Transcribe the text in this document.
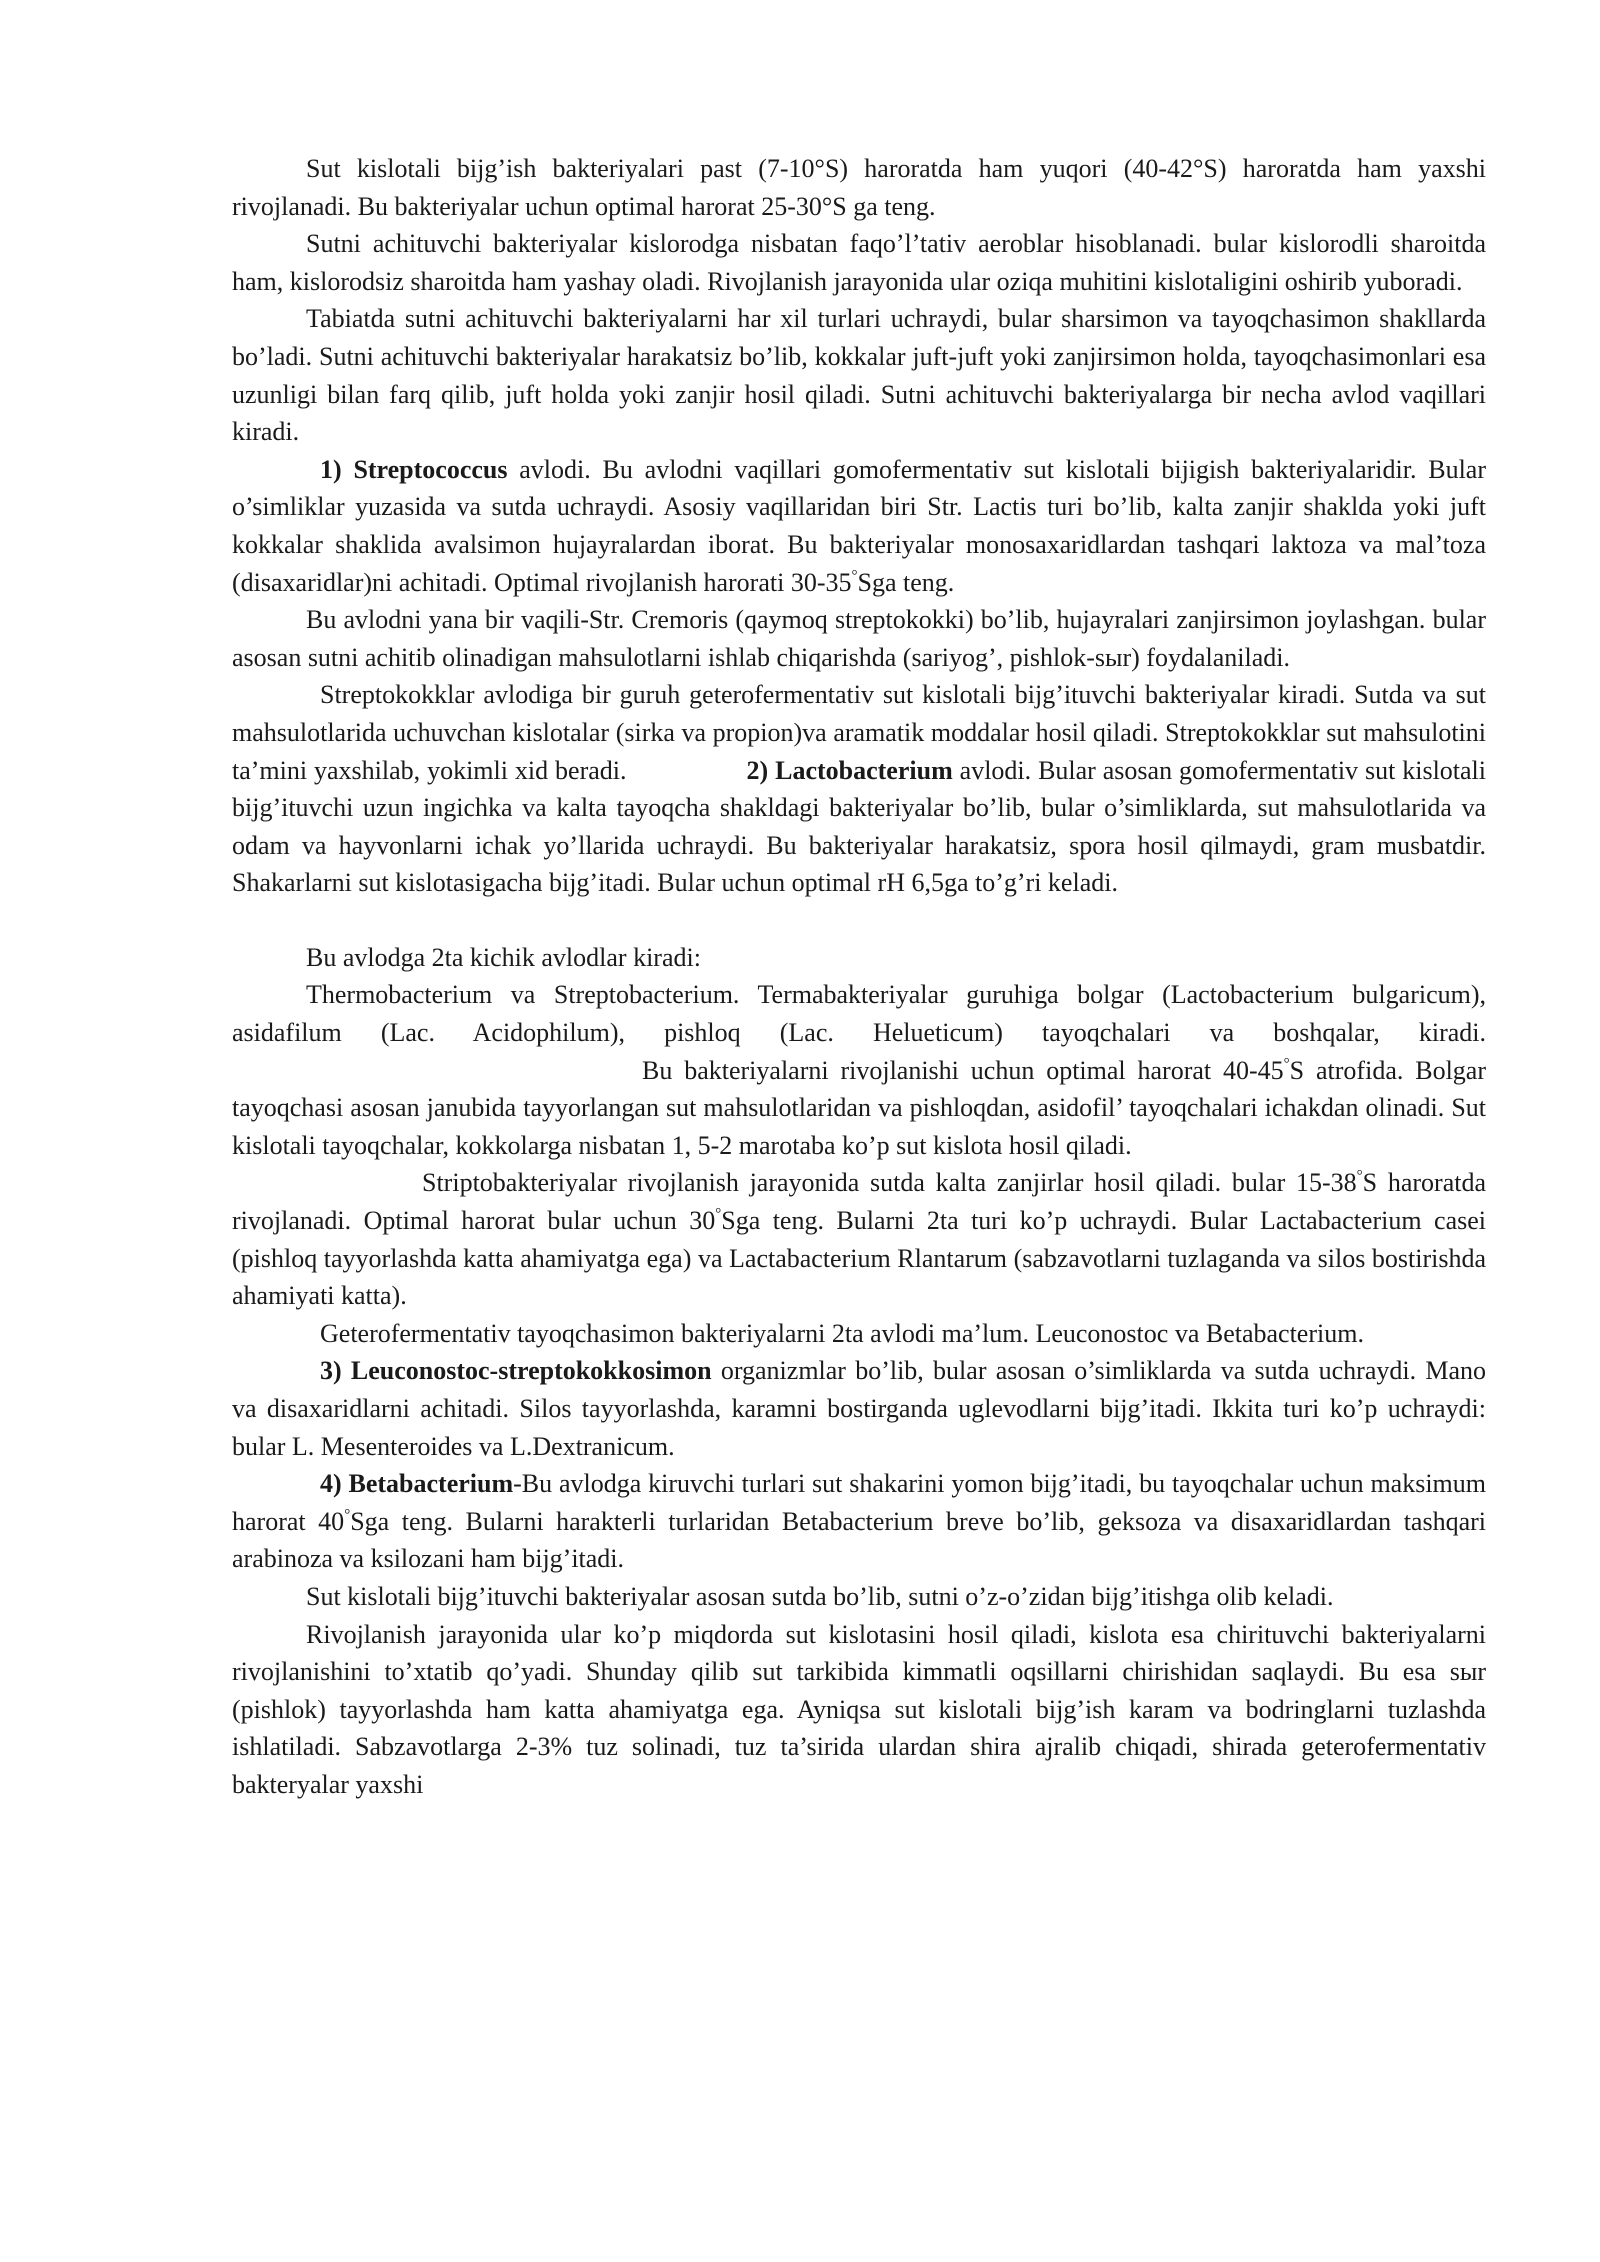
Sut kislotali bijg’ish bakteriyalari past (7-10°S) haroratda ham yuqori (40-42°S) haroratda ham yaxshi rivojlanadi. Bu bakteriyalar uchun optimal harorat 25-30°S ga teng.

Sutni achituvchi bakteriyalar kislorodga nisbatan faqo’l’tativ aeroblar hisoblanadi. bular kislorodli sharoitda ham, kislorodsiz sharoitda ham yashay oladi. Rivojlanish jarayonida ular oziqa muhitini kislotaligini oshirib yuboradi.

Tabiatda sutni achituvchi bakteriyalarni har xil turlari uchraydi, bular sharsimon va tayoqchasimon shakllarda bo’ladi. Sutni achituvchi bakteriyalar harakatsiz bo’lib, kokkalar juft-juft yoki zanjirsimon holda, tayoqchasimonlari esa uzunligi bilan farq qilib, juft holda yoki zanjir hosil qiladi. Sutni achituvchi bakteriyalarga bir necha avlod vaqillari kiradi.

1) Streptococcus avlodi. Bu avlodni vaqillari gomofermentativ sut kislotali bijigish bakteriyalaridir. Bular o’simliklar yuzasida va sutda uchraydi. Asosiy vaqillaridan biri Str. Lactis turi bo’lib, kalta zanjir shaklda yoki juft kokkalar shaklida avalsimon hujayralardan iborat. Bu bakteriyalar monosaxaridlardan tashqari laktoza va mal’toza (disaxaridlar)ni achitadi. Optimal rivojlanish harorati 30-35°Sga teng.

Bu avlodni yana bir vaqili-Str. Cremoris (qaymoq streptokokki) bo’lib, hujayralari zanjirsimon joylashgan. bular asosan sutni achitib olinadigan mahsulotlarni ishlab chiqarishda (sariyog’, pishlok-sыr) foydalaniladi.

Streptokokklar avlodiga bir guruh geterofermentativ sut kislotali bijg’ituvchi bakteriyalar kiradi. Sutda va sut mahsulotlarida uchuvchan kislotalar (sirka va propion)va aramatik moddalar hosil qiladi. Streptokokklar sut mahsulotini ta’mini yaxshilab, yokimli xid beradi.	2) Lactobacterium avlodi. Bular asosan gomofermentativ sut kislotali bijg’ituvchi uzun ingichka va kalta tayoqcha shakldagi bakteriyalar bo’lib, bular o’simliklarda, sut mahsulotlarida va odam va hayvonlarni ichak yo’llarida uchraydi. Bu bakteriyalar harakatsiz, spora hosil qilmaydi, gram musbatdir. Shakarlarni sut kislotasigacha bijg’itadi. Bular uchun optimal rH 6,5ga to’g’ri keladi.

Bu avlodga 2ta kichik avlodlar kiradi:

Thermobacterium va Streptobacterium. Termabakteriyalar guruhiga bolgar (Lactobacterium bulgaricum), asidafilum (Lac. Acidophilum), pishloq (Lac. Helueticum) tayoqchalari va boshqalar, kiradi.Bu bakteriyalarni rivojlanishi uchun optimal harorat 40-45°S atrofida. Bolgar tayoqchasi asosan janubida tayyorlangan sut mahsulotlaridan va pishloqdan, asidofil’ tayoqchalari ichakdan olinadi. Sut kislotali tayoqchalar, kokkolarga nisbatan 1, 5-2 marotaba ko’p sut kislota hosil qiladi.

Striptobakteriyalar rivojlanish jarayonida sutda kalta zanjirlar hosil qiladi. bular 15-38°S haroratda rivojlanadi. Optimal harorat bular uchun 30°Sga teng. Bularni 2ta turi ko’p uchraydi. Bular Lactabacterium casei (pishloq tayyorlashda katta ahamiyatga ega) va Lactabacterium Rlantarum (sabzavotlarni tuzlaganda va silos bostirishda ahamiyati katta).

Geterofermentativ tayoqchasimon bakteriyalarni 2ta avlodi ma’lum. Leuconostoc va Betabacterium.

3) Leuconostoc-streptokokkosimon organizmlar bo’lib, bular asosan o’simliklarda va sutda uchraydi. Mano va disaxaridlarni achitadi. Silos tayyorlashda, karamni bostirganda uglevodlarni bijg’itadi. Ikkita turi ko’p uchraydi: bular L. Mesenteroides va L.Dextranicum.

4) Betabacterium-Bu avlodga kiruvchi turlari sut shakarini yomon bijg’itadi, bu tayoqchalar uchun maksimum harorat 40°Sga teng. Bularni harakterli turlaridan Betabacterium breve bo’lib, geksoza va disaxaridlardan tashqari arabinoza va ksilozani ham bijg’itadi.

Sut kislotali bijg’ituvchi bakteriyalar asosan sutda bo’lib, sutni o’z-o’zidan bijg’itishga olib keladi.

Rivojlanish jarayonida ular ko’p miqdorda sut kislotasini hosil qiladi, kislota esa chirituvchi bakteriyalarni rivojlanishini to’xtatib qo’yadi. Shunday qilib sut tarkibida kimmatli oqsillarni chirishidan saqlaydi. Bu esa sыr (pishlok) tayyorlashda ham katta ahamiyatga ega. Ayniqsa sut kislotali bijg’ish karam va bodringlarni tuzlashda ishlatiladi. Sabzavotlarga 2-3% tuz solinadi, tuz ta’sirida ulardan shira ajralib chiqadi, shirada geterofermentativ bakteryalar yaxshi
